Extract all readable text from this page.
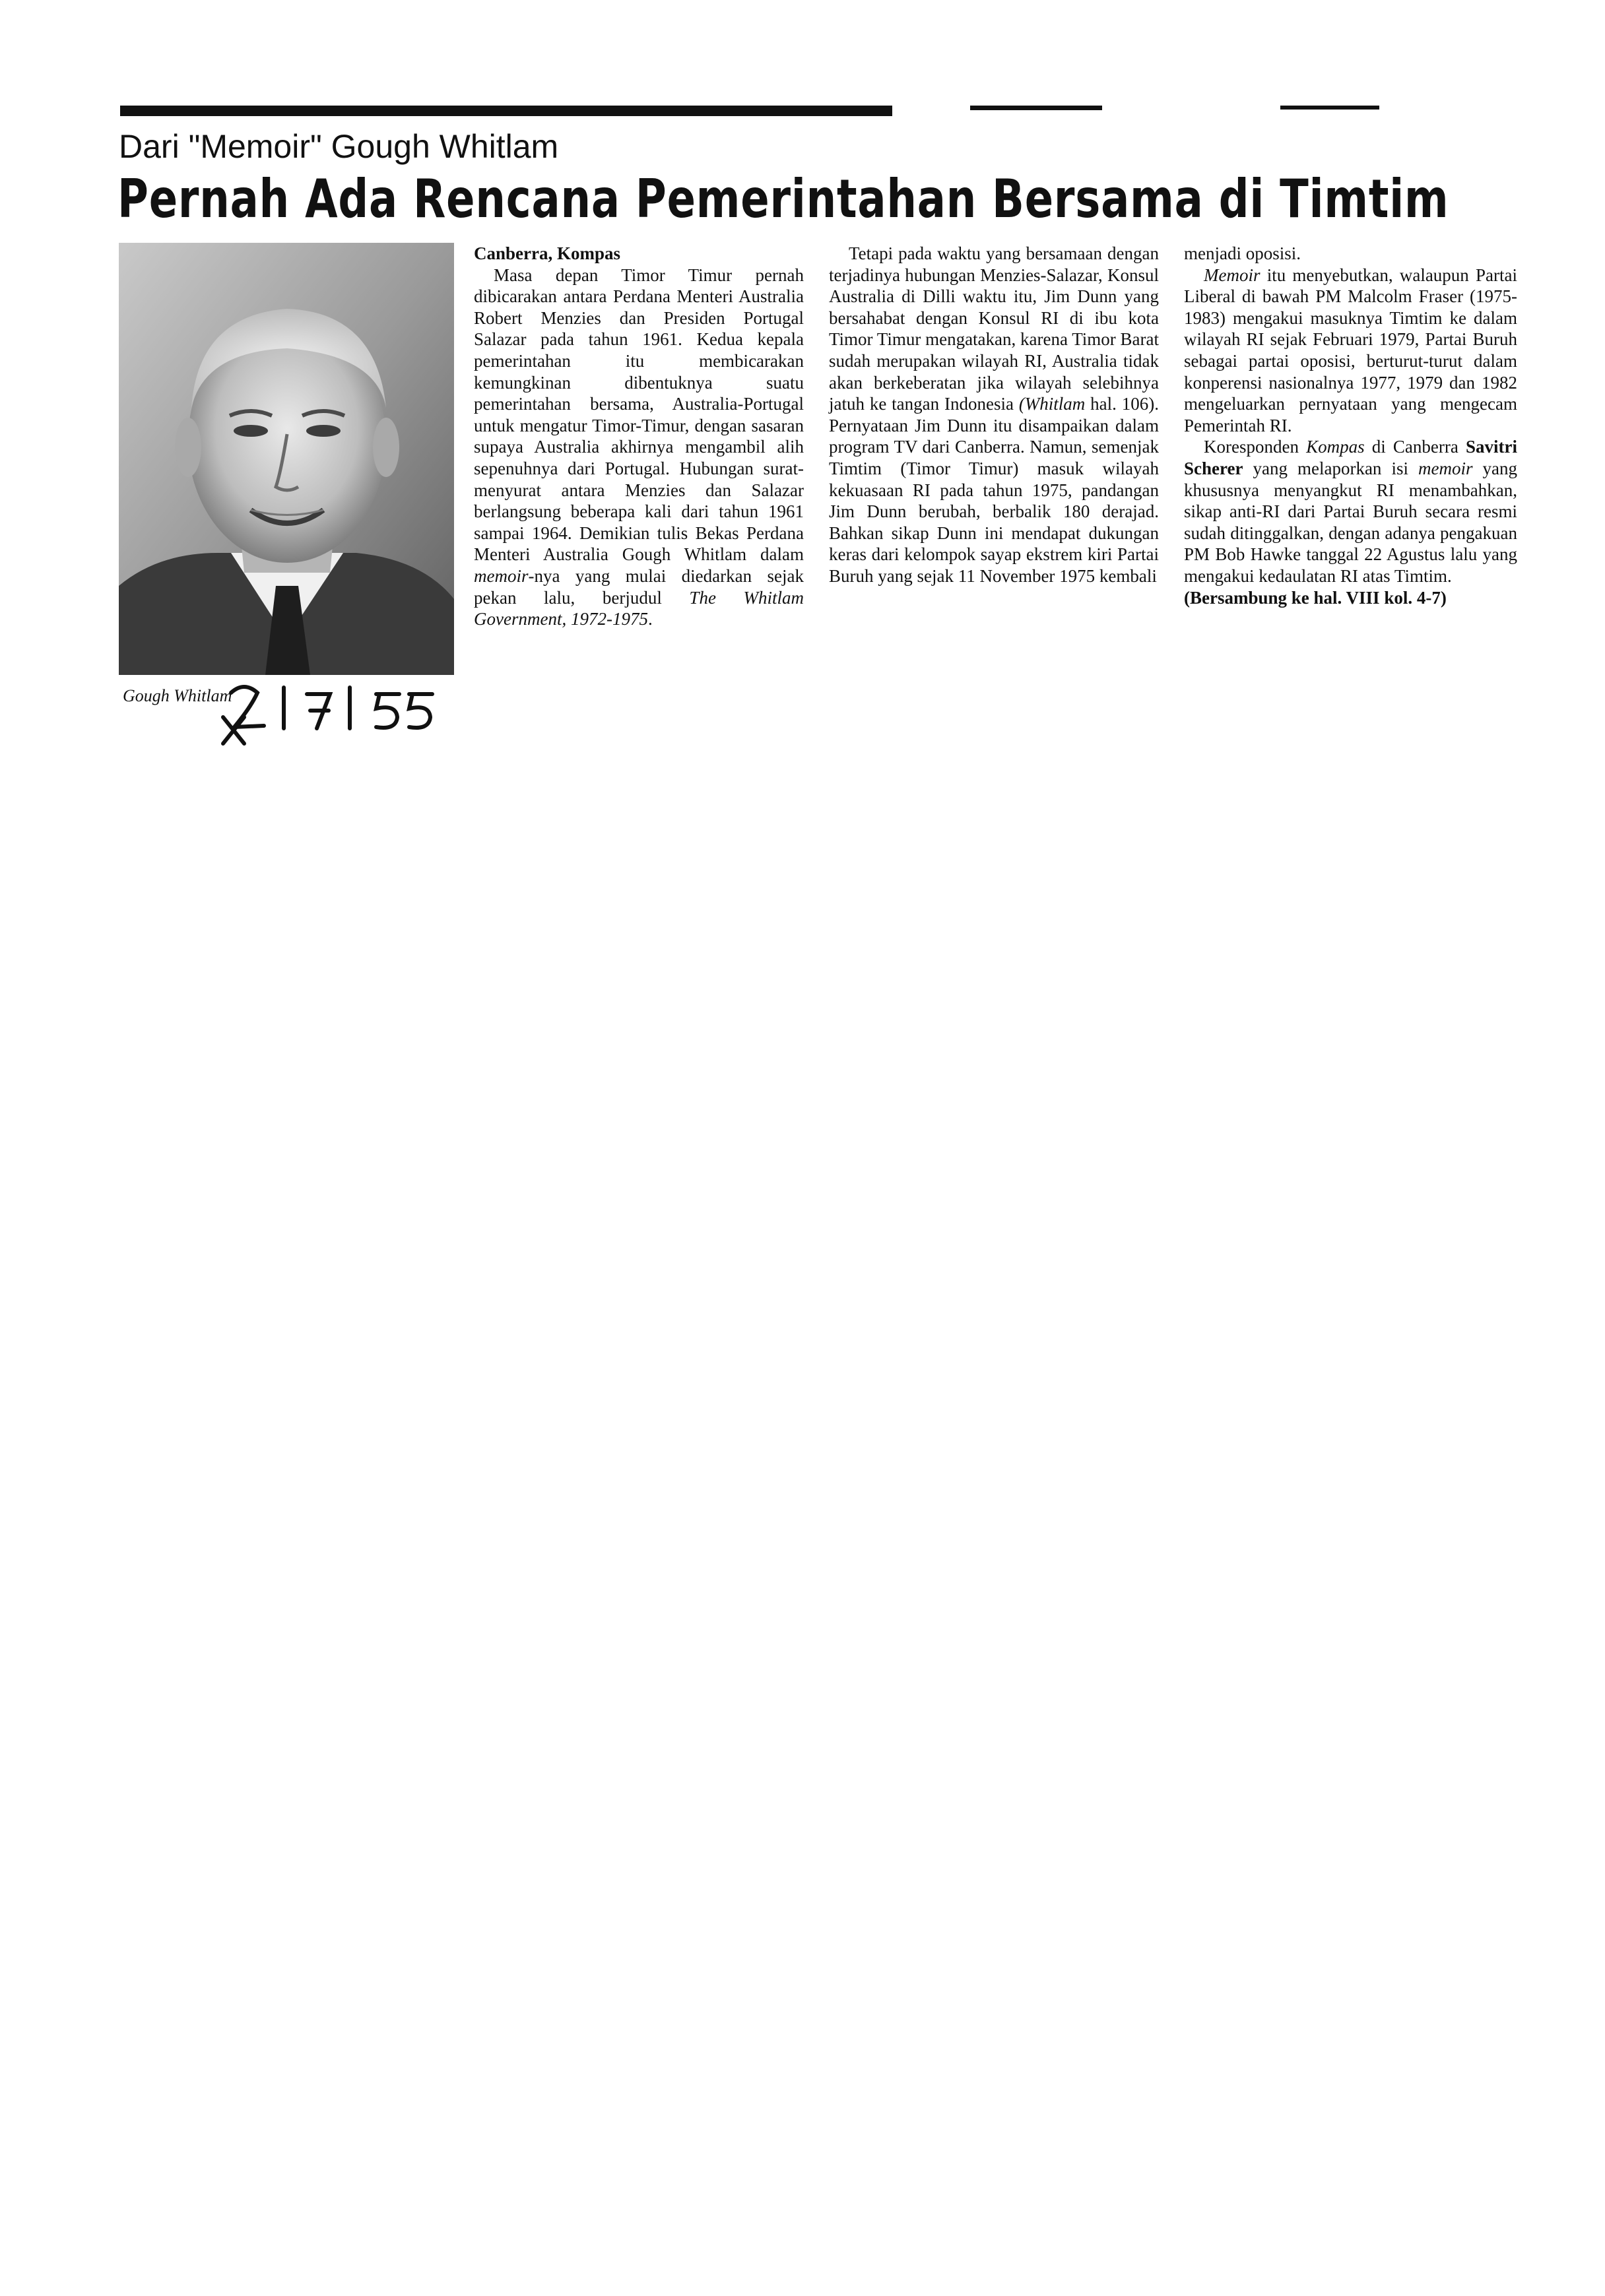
Dari "Memoir" Gough Whitlam
Pernah Ada Rencana Pemerintahan Bersama di Timtim
Gough Whitlam
Canberra, Kompas

Masa depan Timor Timur pernah dibicarakan antara Perdana Menteri Australia Robert Menzies dan Presiden Portugal Salazar pada tahun 1961. Kedua kepala pemerintahan itu membicarakan kemungkinan dibentuknya suatu pemerintahan bersama, Australia-Portugal untuk mengatur Timor-Timur, dengan sasaran supaya Australia akhirnya mengambil alih sepenuhnya dari Portugal. Hubungan surat-menyurat antara Menzies dan Salazar berlangsung beberapa kali dari tahun 1961 sampai 1964. Demikian tulis Bekas Perdana Menteri Australia Gough Whitlam dalam memoir-nya yang mulai diedarkan sejak pekan lalu, berjudul The Whitlam Government, 1972-1975.

Tetapi pada waktu yang bersamaan dengan terjadinya hubungan Menzies-Salazar, Konsul Australia di Dilli waktu itu, Jim Dunn yang bersahabat dengan Konsul RI di ibu kota Timor Timur mengatakan, karena Timor Barat sudah merupakan wilayah RI, Australia tidak akan berkeberatan jika wilayah selebihnya jatuh ke tangan Indonesia (Whitlam hal. 106). Pernyataan Jim Dunn itu disampaikan dalam program TV dari Canberra. Namun, semenjak Timtim (Timor Timur) masuk wilayah kekuasaan RI pada tahun 1975, pandangan Jim Dunn berubah, berbalik 180 derajad. Bahkan sikap Dunn ini mendapat dukungan keras dari kelompok sayap ekstrem kiri Partai Buruh yang sejak 11 November 1975 kembali

menjadi oposisi.

Memoir itu menyebutkan, walaupun Partai Liberal di bawah PM Malcolm Fraser (1975-1983) mengakui masuknya Timtim ke dalam wilayah RI sejak Februari 1979, Partai Buruh sebagai partai oposisi, berturut-turut dalam konperensi nasionalnya 1977, 1979 dan 1982 mengeluarkan pernyataan yang mengecam Pemerintah RI.

Koresponden Kompas di Canberra Savitri Scherer yang melaporkan isi memoir yang khususnya menyangkut RI menambahkan, sikap anti-RI dari Partai Buruh secara resmi sudah ditinggalkan, dengan adanya pengakuan PM Bob Hawke tanggal 22 Agustus lalu yang mengakui kedaulatan RI atas Timtim.

(Bersambung ke hal. VIII kol. 4-7)
